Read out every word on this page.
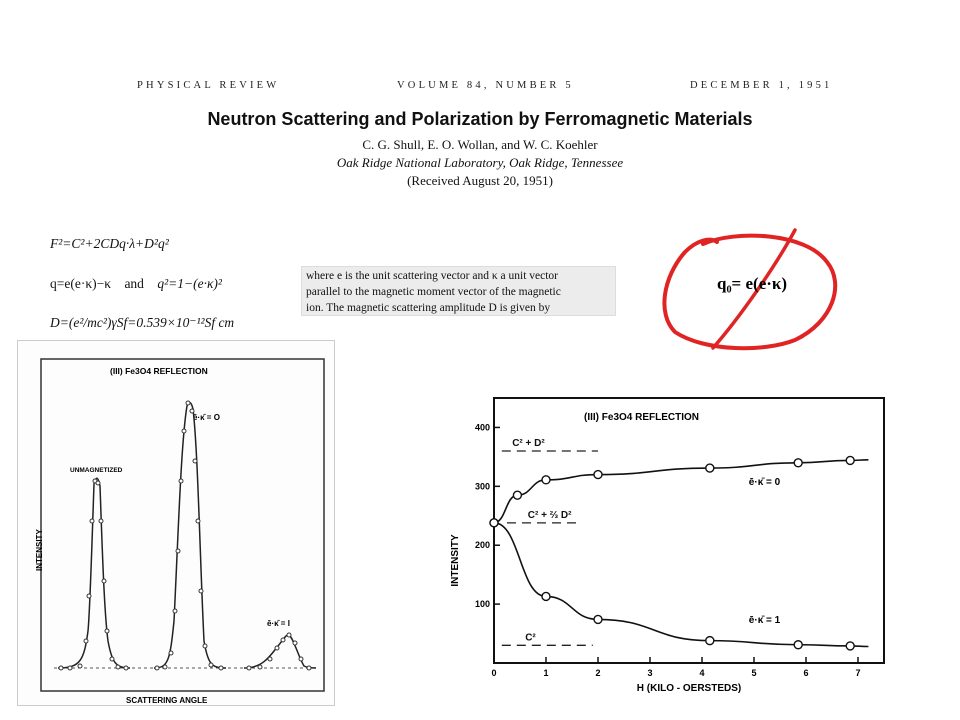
PHYSICAL REVIEW	VOLUME 84, NUMBER 5	DECEMBER 1, 1951
Neutron Scattering and Polarization by Ferromagnetic Materials
C. G. Shull, E. O. Wollan, and W. C. Koehler
Oak Ridge National Laboratory, Oak Ridge, Tennessee
(Received August 20, 1951)
F²=C²+2CDq·λ+D²q²
q=e(e·κ)−κ and q²=1−(e·κ)²
D=(e²/mc²)γSf=0.539×10⁻¹²Sf cm
where e is the unit scattering vector and κ a unit vector
parallel to the magnetic moment vector of the magnetic
ion. The magnetic scattering amplitude D is given by
q₀= e(e·κ)
(III) Fe3O4 REFLECTION
INTENSITY
SCATTERING ANGLE
UNMAGNETIZED
ē·κ̄ = O
ē·κ̄ = I
(III) Fe3O4 REFLECTION
0	1	2	3	4	5	6	7
100
200
300
400
H (KILO - OERSTEDS)
INTENSITY
C² + D²
C² + ⅔ D²
C²
ē·κ̄ = 0
ē·κ̄ = 1
